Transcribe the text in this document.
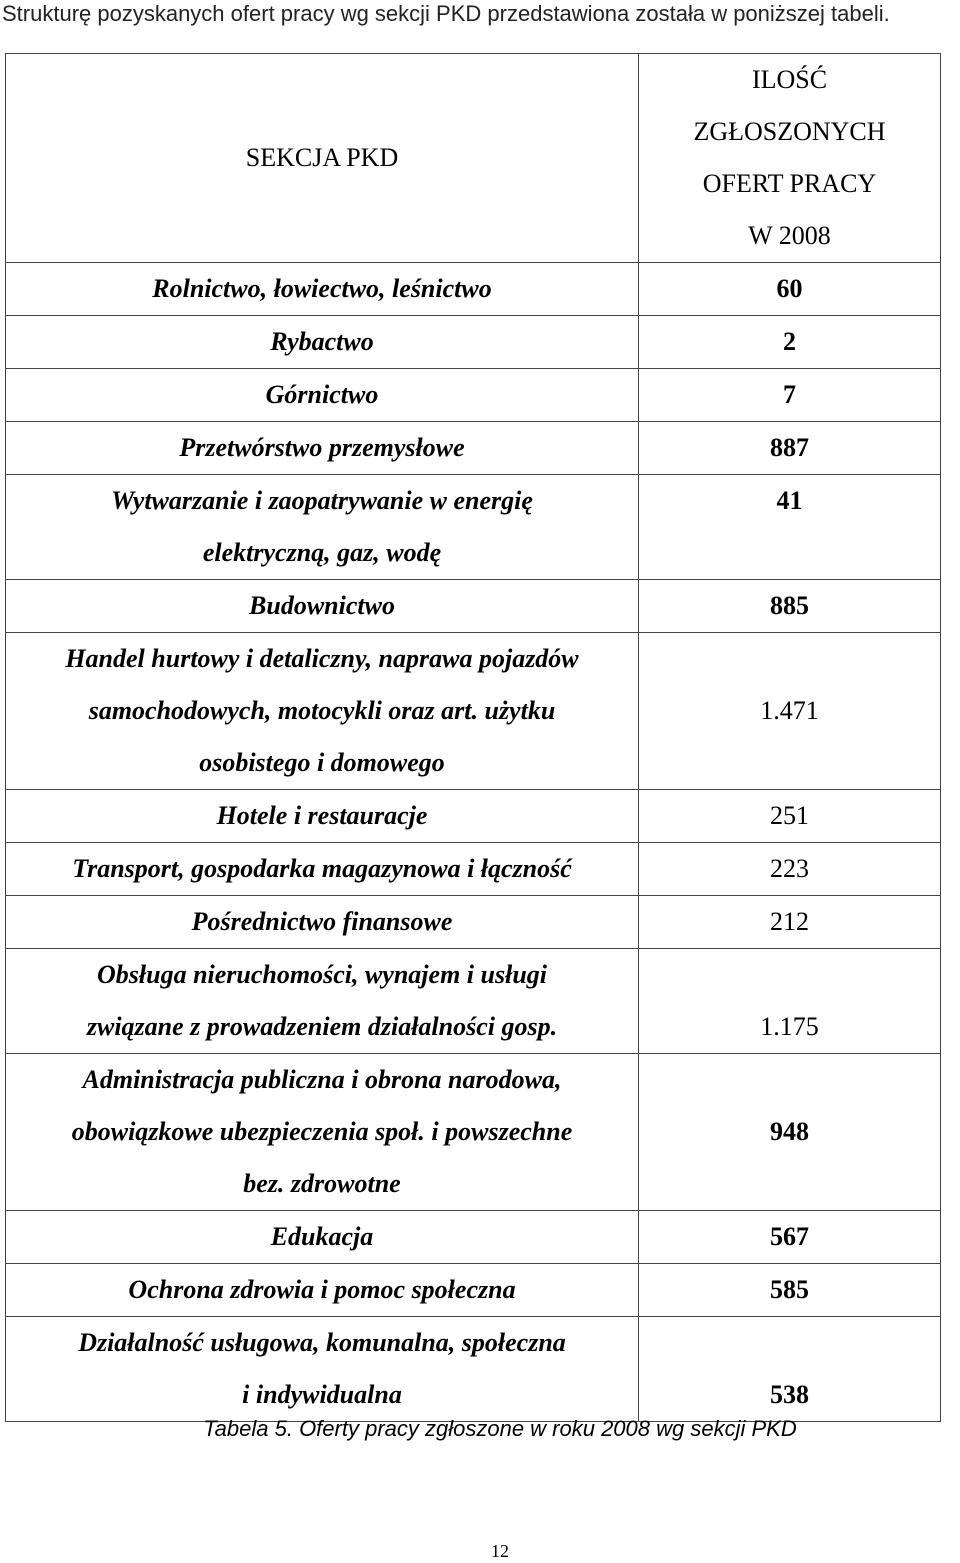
Strukturę pozyskanych ofert pracy wg sekcji PKD przedstawiona została w poniższej tabeli.
SEKCJA PKD	ILOŚĆ
ZGŁOSZONYCH
OFERT PRACY
W 2008

Rolnictwo, łowiectwo, leśnictwo	60
Rybactwo	2
Górnictwo	7
Przetwórstwo przemysłowe	887
Wytwarzanie i zaopatrywanie w energię
elektryczną, gaz, wodę	41
Budownictwo	885
Handel hurtowy i detaliczny, naprawa pojazdów
samochodowych, motocykli oraz art. użytku
osobistego i domowego	1.471
Hotele i restauracje	251
Transport, gospodarka magazynowa i łączność	223
Pośrednictwo finansowe	212
Obsługa nieruchomości, wynajem i usługi
związane z prowadzeniem działalności gosp.	1.175
Administracja publiczna i obrona narodowa,
obowiązkowe ubezpieczenia społ. i powszechne
bez. zdrowotne	948
Edukacja	567
Ochrona zdrowia i pomoc społeczna	585
Działalność usługowa, komunalna, społeczna
i indywidualna	538
Tabela 5. Oferty pracy zgłoszone w roku 2008 wg sekcji PKD
12
